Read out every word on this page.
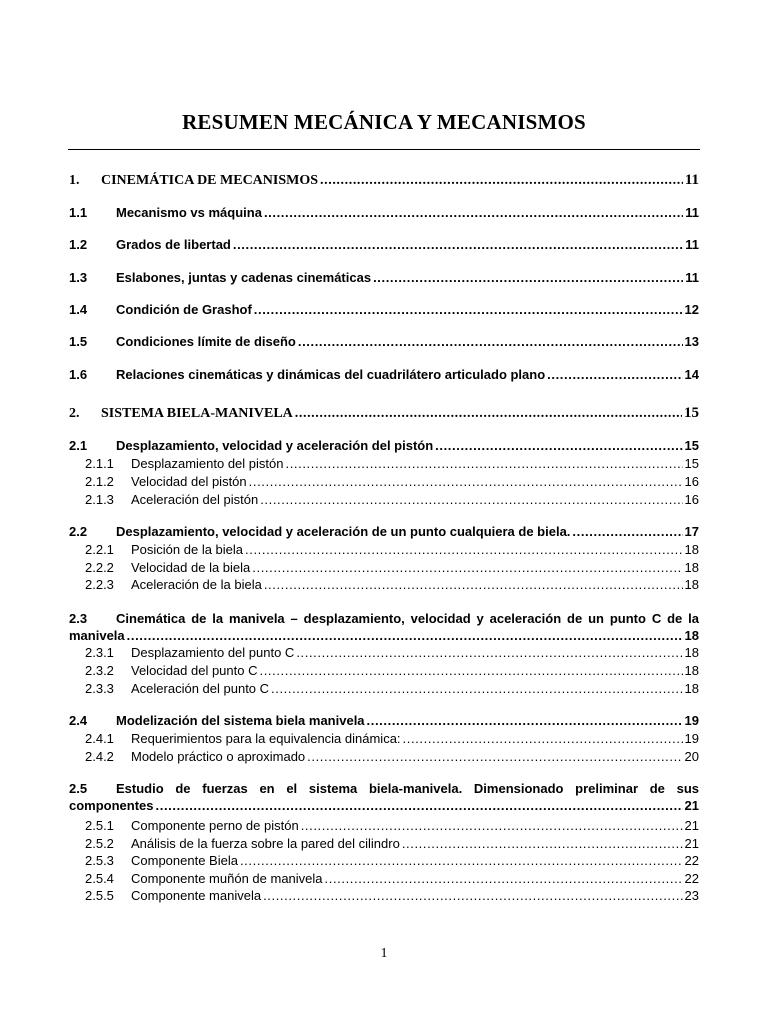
RESUMEN MECÁNICA Y MECANISMOS
1.	CINEMÁTICA DE MECANISMOS .....	11
1.1	Mecanismo vs máquina .....	11
1.2	Grados de libertad .....	11
1.3	Eslabones, juntas y cadenas cinemáticas .....	11
1.4	Condición de Grashof .....	12
1.5	Condiciones límite de diseño .....	13
1.6	Relaciones cinemáticas y dinámicas del cuadrilátero articulado plano .....	14
2.	SISTEMA BIELA-MANIVELA .....	15
2.1	Desplazamiento, velocidad y aceleración del pistón .....	15
2.1.1	Desplazamiento del pistón .....	15
2.1.2	Velocidad del pistón .....	16
2.1.3	Aceleración del pistón .....	16
2.2	Desplazamiento, velocidad y aceleración de un punto cualquiera de biela. .....	17
2.2.1	Posición de la biela .....	18
2.2.2	Velocidad de la biela .....	18
2.2.3	Aceleración de la biela .....	18
2.3	Cinemática de la manivela – desplazamiento, velocidad y aceleración de un punto C de la
manivela .....	18
2.3.1	Desplazamiento del punto C .....	18
2.3.2	Velocidad del punto C .....	18
2.3.3	Aceleración del punto C .....	18
2.4	Modelización del sistema biela manivela .....	19
2.4.1	Requerimientos para la equivalencia dinámica: .....	19
2.4.2	Modelo práctico o aproximado .....	20
2.5	Estudio de fuerzas en el sistema biela-manivela. Dimensionado preliminar de sus
componentes .....	21
2.5.1	Componente perno de pistón .....	21
2.5.2	Análisis de la fuerza sobre la pared del cilindro .....	21
2.5.3	Componente Biela .....	22
2.5.4	Componente muñón de manivela .....	22
2.5.5	Componente manivela .....	23
1
